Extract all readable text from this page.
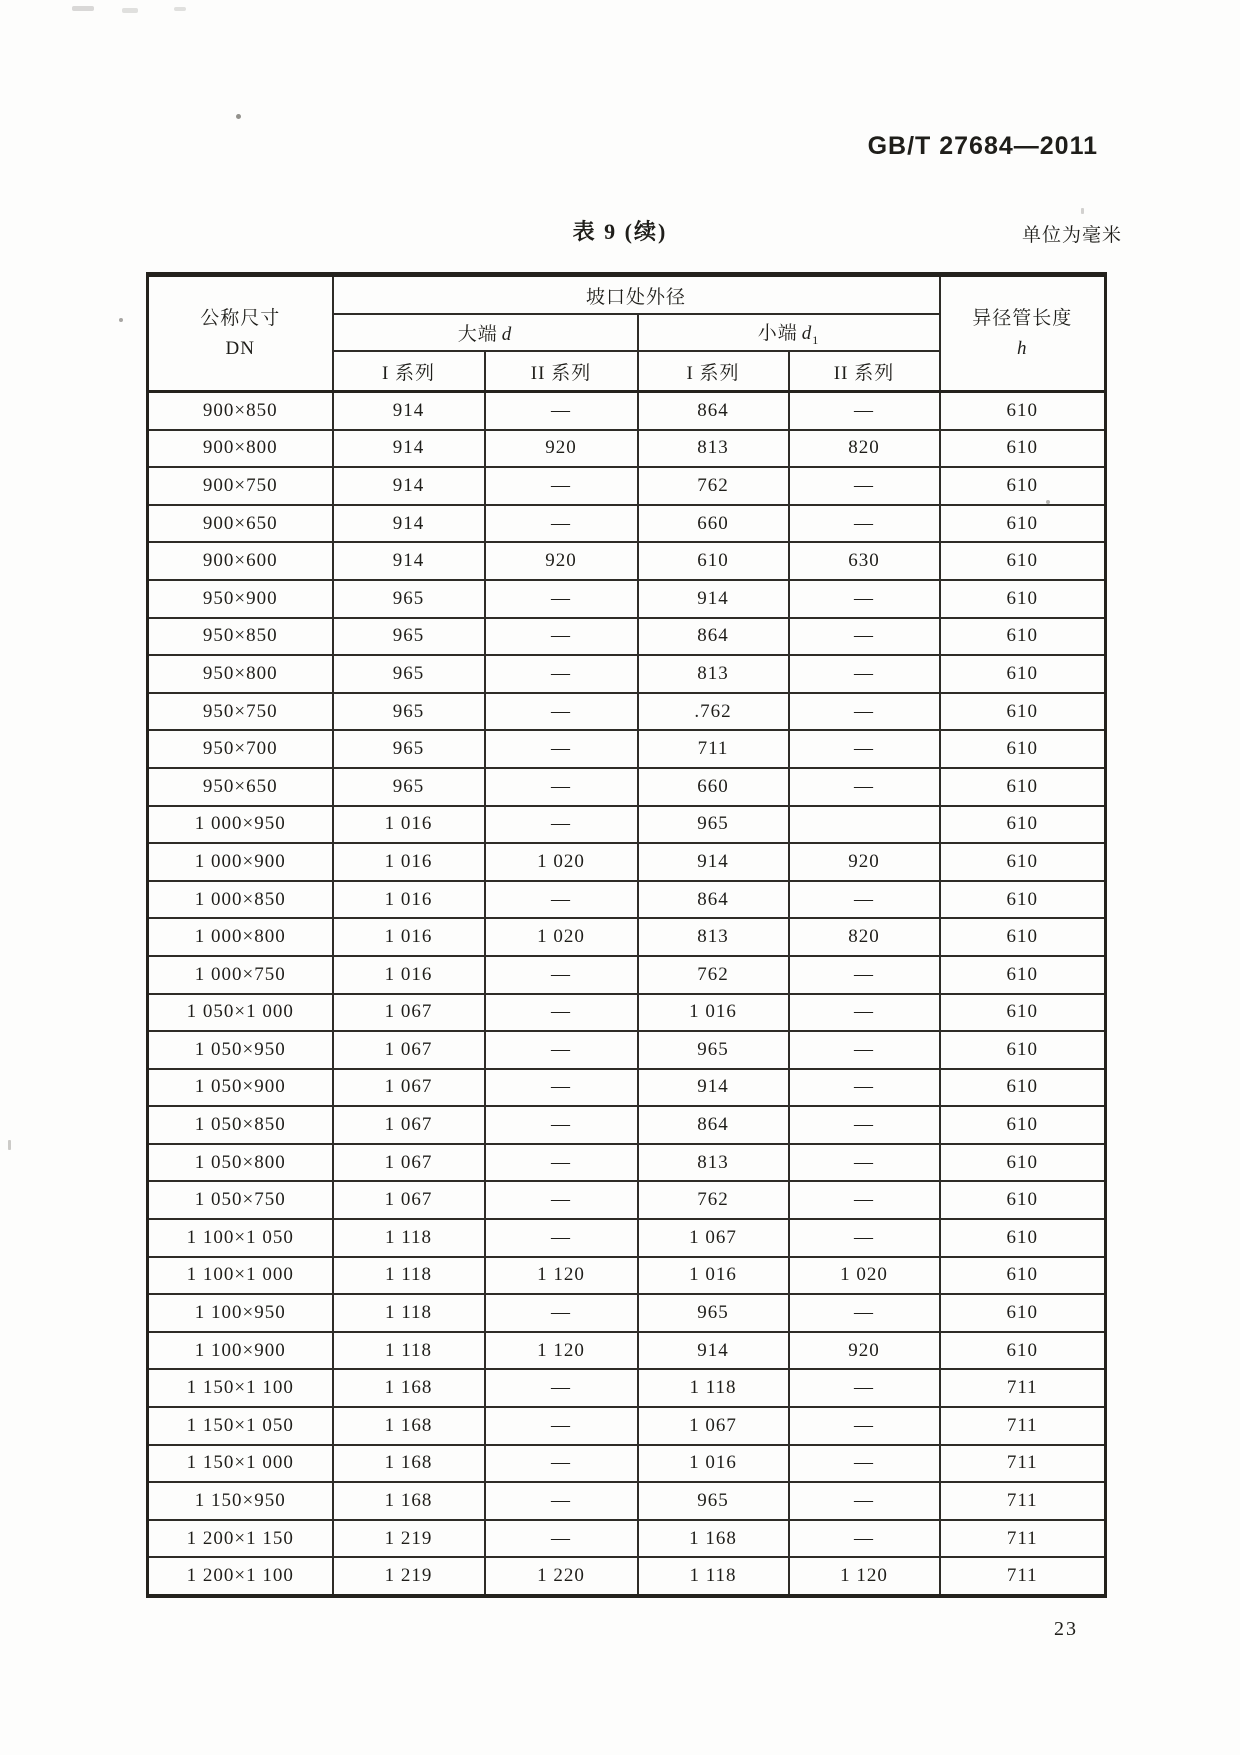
GB/T 27684—2011
表 9 (续)	单位为毫米
公称尺寸
DN
	坡口处外径	
异径管长度
h

	大端 d		小端 $d_1$
	I 系列	II 系列	I 系列	II 系列	
900×850	914	—	864	—	610
900×800	914	920	813	820	610
900×750	914	—	762	—	610
900×650	914	—	660	—	610
900×600	914	920	610	630	610
950×900	965	—	914	—	610
950×850	965	—	864	—	610
950×800	965	—	813	—	610
950×750	965	—	.762	—	610
950×700	965	—	711	—	610
950×650	965	—	660	—	610
1 000×950	1 016	—	965		610
1 000×900	1 016	1 020	914	920	610
1 000×850	1 016	—	864	—	610
1 000×800	1 016	1 020	813	820	610
1 000×750	1 016	—	762	—	610
1 050×1 000	1 067	—	1 016	—	610
1 050×950	1 067	—	965	—	610
1 050×900	1 067	—	914	—	610
1 050×850	1 067	—	864	—	610
1 050×800	1 067	—	813	—	610
1 050×750	1 067	—	762	—	610
1 100×1 050	1 118	—	1 067	—	610
1 100×1 000	1 118	1 120	1 016	1 020	610
1 100×950	1 118	—	965	—	610
1 100×900	1 118	1 120	914	920	610
1 150×1 100	1 168	—	1 118	—	711
1 150×1 050	1 168	—	1 067	—	711
1 150×1 000	1 168	—	1 016	—	711
1 150×950	1 168	—	965	—	711
1 200×1 150	1 219	—	1 168	—	711
1 200×1 100	1 219	1 220	1 118	1 120	711
23
